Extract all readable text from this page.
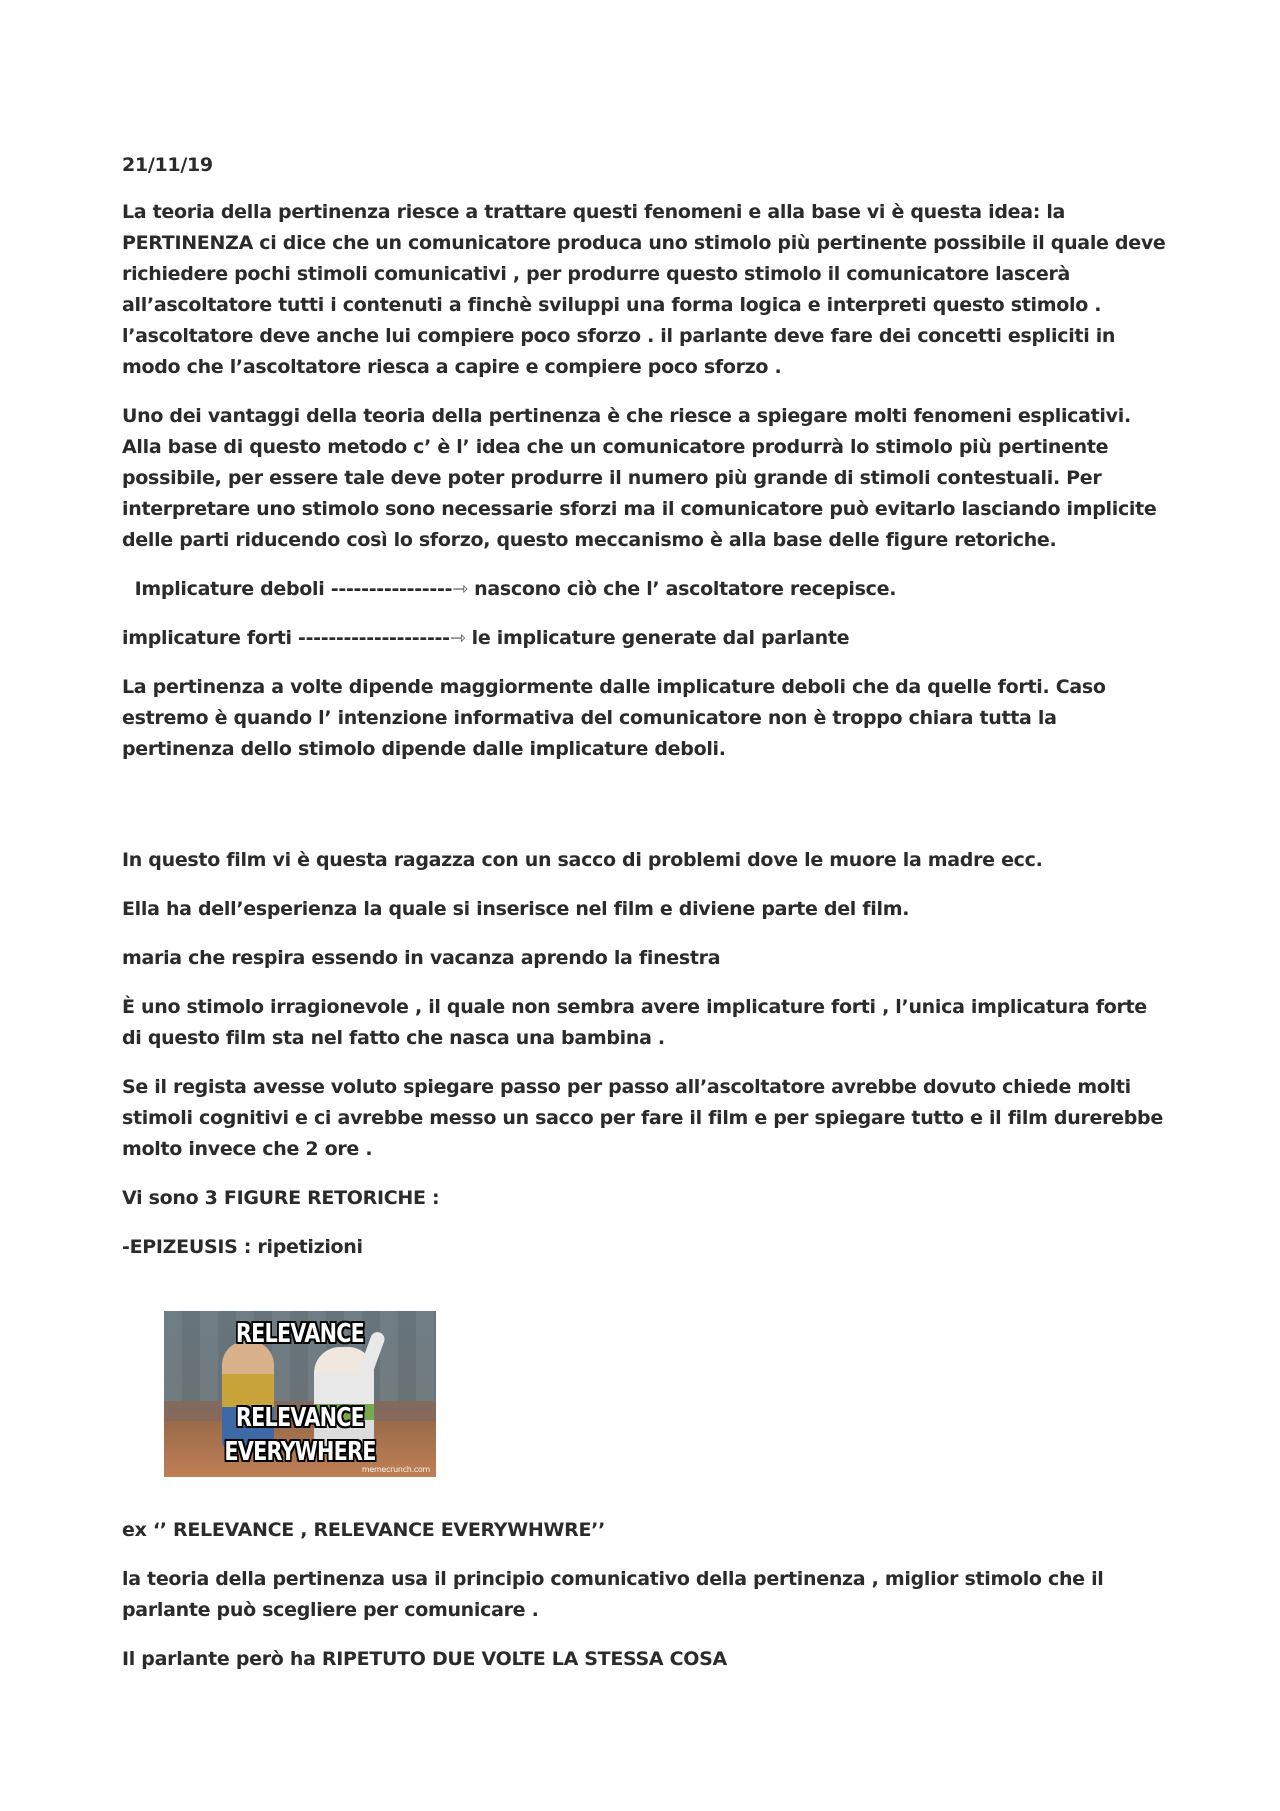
21/11/19

La teoria della pertinenza riesce a trattare questi fenomeni e alla base vi è questa idea: la PERTINENZA ci dice che un comunicatore produca uno stimolo più pertinente possibile il quale deve richiedere pochi stimoli comunicativi , per produrre questo stimolo il comunicatore lascerà all’ascoltatore tutti i contenuti a finchè sviluppi una forma logica e interpreti questo stimolo . l’ascoltatore deve anche lui compiere poco sforzo . il parlante deve fare dei concetti espliciti in modo che l’ascoltatore riesca a capire e compiere poco sforzo .

Uno dei vantaggi della teoria della pertinenza è che riesce a spiegare molti fenomeni esplicativi. Alla base di questo metodo c’ è l’ idea che un comunicatore produrrà lo stimolo più pertinente possibile, per essere tale deve poter produrre il numero più grande di stimoli contestuali. Per interpretare uno stimolo sono necessarie sforzi ma il comunicatore può evitarlo lasciando implicite delle parti riducendo così lo sforzo, questo meccanismo è alla base delle figure retoriche.

Implicature deboli ----------------⇾ nascono ciò che l’ ascoltatore recepisce.

implicature forti --------------------⇾ le implicature generate dal parlante

La pertinenza a volte dipende maggiormente dalle implicature deboli che da quelle forti. Caso estremo è quando l’ intenzione informativa del comunicatore non è troppo chiara tutta la pertinenza dello stimolo dipende dalle implicature deboli.

In questo film vi è questa ragazza con un sacco di problemi dove le muore la madre ecc.

Ella ha dell’esperienza la quale si inserisce nel film e diviene parte del film.

maria che respira essendo in vacanza aprendo la finestra

È uno stimolo irragionevole , il quale non sembra avere implicature forti , l’unica implicatura forte di questo film sta nel fatto che nasca una bambina .

Se il regista avesse voluto spiegare passo per passo all’ascoltatore avrebbe dovuto chiede molti stimoli cognitivi e ci avrebbe messo un sacco per fare il film e per spiegare tutto e il film durerebbe molto invece che 2 ore .

Vi sono 3 FIGURE RETORICHE :

-EPIZEUSIS : ripetizioni

RELEVANCE
RELEVANCE
EVERYWHERE
memecrunch.com

ex ‘’ RELEVANCE , RELEVANCE EVERYWHWRE’’

la teoria della pertinenza usa il principio comunicativo della pertinenza , miglior stimolo che il parlante può scegliere per comunicare .

Il parlante però ha RIPETUTO DUE VOLTE LA STESSA COSA
